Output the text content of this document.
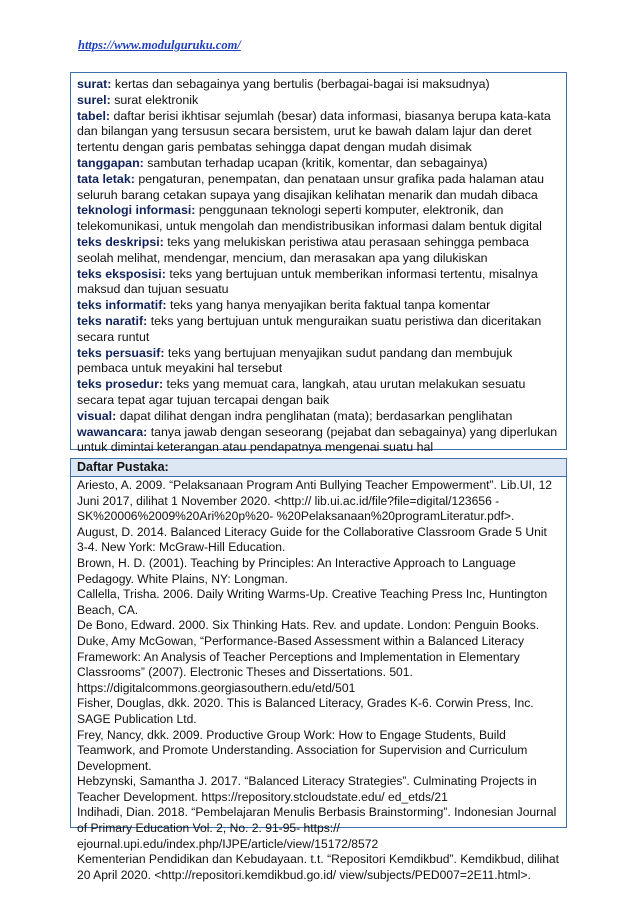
https://www.modulguruku.com/

surat: kertas dan sebagainya yang bertulis (berbagai-bagai isi maksudnya)

surel: surat elektronik

tabel: daftar berisi ikhtisar sejumlah (besar) data informasi, biasanya berupa kata-kata dan bilangan yang tersusun secara bersistem, urut ke bawah dalam lajur dan deret tertentu dengan garis pembatas sehingga dapat dengan mudah disimak

tanggapan: sambutan terhadap ucapan (kritik, komentar, dan sebagainya)

tata letak: pengaturan, penempatan, dan penataan unsur grafika pada halaman atau seluruh barang cetakan supaya yang disajikan kelihatan menarik dan mudah dibaca

teknologi informasi: penggunaan teknologi seperti komputer, elektronik, dan telekomunikasi, untuk mengolah dan mendistribusikan informasi dalam bentuk digital

teks deskripsi: teks yang melukiskan peristiwa atau perasaan sehingga pembaca seolah melihat, mendengar, mencium, dan merasakan apa yang dilukiskan

teks eksposisi: teks yang bertujuan untuk memberikan informasi tertentu, misalnya maksud dan tujuan sesuatu

teks informatif: teks yang hanya menyajikan berita faktual tanpa komentar

teks naratif: teks yang bertujuan untuk menguraikan suatu peristiwa dan diceritakan secara runtut

teks persuasif: teks yang bertujuan menyajikan sudut pandang dan membujuk pembaca untuk meyakini hal tersebut

teks prosedur: teks yang memuat cara, langkah, atau urutan melakukan sesuatu secara tepat agar tujuan tercapai dengan baik

visual: dapat dilihat dengan indra penglihatan (mata); berdasarkan penglihatan

wawancara: tanya jawab dengan seseorang (pejabat dan sebagainya) yang diperlukan untuk dimintai keterangan atau pendapatnya mengenai suatu hal

Daftar Pustaka:

Ariesto, A. 2009. “Pelaksanaan Program Anti Bullying Teacher Empowerment”. Lib.UI, 12 Juni 2017, dilihat 1 November 2020. <http:// lib.ui.ac.id/file?file=digital/123656 - SK%20006%2009%20Ari%20p%20- %20Pelaksanaan%20programLiteratur.pdf>.

August, D. 2014. Balanced Literacy Guide for the Collaborative Classroom Grade 5 Unit 3-4. New York: McGraw-Hill Education.

Brown, H. D. (2001). Teaching by Principles: An Interactive Approach to Language Pedagogy. White Plains, NY: Longman.

Callella, Trisha. 2006. Daily Writing Warms-Up. Creative Teaching Press Inc, Huntington Beach, CA.

De Bono, Edward. 2000. Six Thinking Hats. Rev. and update. London: Penguin Books.

Duke, Amy McGowan, “Performance-Based Assessment within a Balanced Literacy Framework: An Analysis of Teacher Perceptions and Implementation in Elementary Classrooms” (2007). Electronic Theses and Dissertations. 501. https://digitalcommons.georgiasouthern.edu/etd/501

Fisher, Douglas, dkk. 2020. This is Balanced Literacy, Grades K-6. Corwin Press, Inc. SAGE Publication Ltd.

Frey, Nancy, dkk. 2009. Productive Group Work: How to Engage Students, Build Teamwork, and Promote Understanding. Association for Supervision and Curriculum Development.

Hebzynski, Samantha J. 2017. “Balanced Literacy Strategies”. Culminating Projects in Teacher Development. https://repository.stcloudstate.edu/ ed_etds/21

Indihadi, Dian. 2018. “Pembelajaran Menulis Berbasis Brainstorming”. Indonesian Journal of Primary Education Vol. 2, No. 2. 91-95- https:// ejournal.upi.edu/index.php/IJPE/article/view/15172/8572

Kementerian Pendidikan dan Kebudayaan. t.t. “Repositori Kemdikbud”. Kemdikbud, dilihat 20 April 2020. <http://repositori.kemdikbud.go.id/ view/subjects/PED007=2E11.html>.
